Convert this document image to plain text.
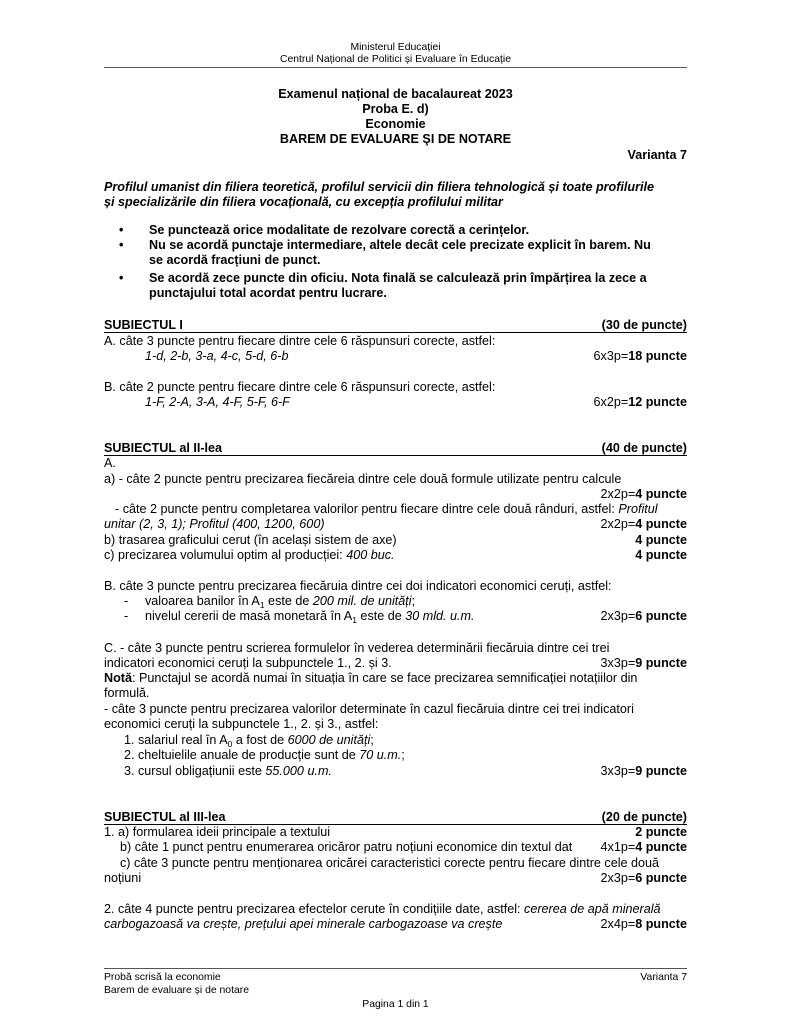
Ministerul Educației
Centrul Național de Politici și Evaluare în Educație
Examenul național de bacalaureat 2023
Proba E. d)
Economie
BAREM DE EVALUARE ŞI DE NOTARE
Varianta 7
Profilul umanist din filiera teoretică, profilul servicii din filiera tehnologică și toate profilurile
și specializările din filiera vocațională, cu excepția profilului militar
• Se punctează orice modalitate de rezolvare corectă a cerințelor.
• Nu se acordă punctaje intermediare, altele decât cele precizate explicit în barem. Nu
se acordă fracțiuni de punct.
• Se acordă zece puncte din oficiu. Nota finală se calculează prin împărțirea la zece a
punctajului total acordat pentru lucrare.
SUBIECTUL I	(30 de puncte)
A. câte 3 puncte pentru fiecare dintre cele 6 răspunsuri corecte, astfel:
1-d, 2-b, 3-a, 4-c, 5-d, 6-b	6x3p=18 puncte
B. câte 2 puncte pentru fiecare dintre cele 6 răspunsuri corecte, astfel:
1-F, 2-A, 3-A, 4-F, 5-F, 6-F	6x2p=12 puncte
SUBIECTUL al II-lea	(40 de puncte)
A.
a) - câte 2 puncte pentru precizarea fiecăreia dintre cele două formule utilizate pentru calcule
2x2p=4 puncte
- câte 2 puncte pentru completarea valorilor pentru fiecare dintre cele două rânduri, astfel: Profitul
unitar (2, 3, 1); Profitul (400, 1200, 600)	2x2p=4 puncte
b) trasarea graficului cerut (în același sistem de axe)	4 puncte
c) precizarea volumului optim al producției: 400 buc.	4 puncte
B. câte 3 puncte pentru precizarea fiecăruia dintre cei doi indicatori economici ceruți, astfel:
- valoarea banilor în $A_1$ este de 200 mil. de unități;
- nivelul cererii de masă monetară în $A_1$ este de 30 mld. u.m.	2x3p=6 puncte
C. - câte 3 puncte pentru scrierea formulelor în vederea determinării fiecăruia dintre cei trei
indicatori economici ceruți la subpunctele 1., 2. și 3.	3x3p=9 puncte
Notă: Punctajul se acordă numai în situația în care se face precizarea semnificației notațiilor din
formulă.
- câte 3 puncte pentru precizarea valorilor determinate în cazul fiecăruia dintre cei trei indicatori
economici ceruți la subpunctele 1., 2. și 3., astfel:
1. salariul real în $A_0$ a fost de 6000 de unități;
2. cheltuielile anuale de producție sunt de 70 u.m.;
3. cursul obligațiunii este 55.000 u.m.	3x3p=9 puncte
SUBIECTUL al III-lea	(20 de puncte)
1. a) formularea ideii principale a textului	2 puncte
b) câte 1 punct pentru enumerarea oricăror patru noțiuni economice din textul dat 4x1p=4 puncte
c) câte 3 puncte pentru menționarea oricărei caracteristici corecte pentru fiecare dintre cele două
noțiuni	2x3p=6 puncte
2. câte 4 puncte pentru precizarea efectelor cerute în condițiile date, astfel: cererea de apă minerală
carbogazoasă va crește, prețului apei minerale carbogazoase va crește	2x4p=8 puncte
Probă scrisă la economie	Varianta 7
Barem de evaluare și de notare
Pagina 1 din 1
